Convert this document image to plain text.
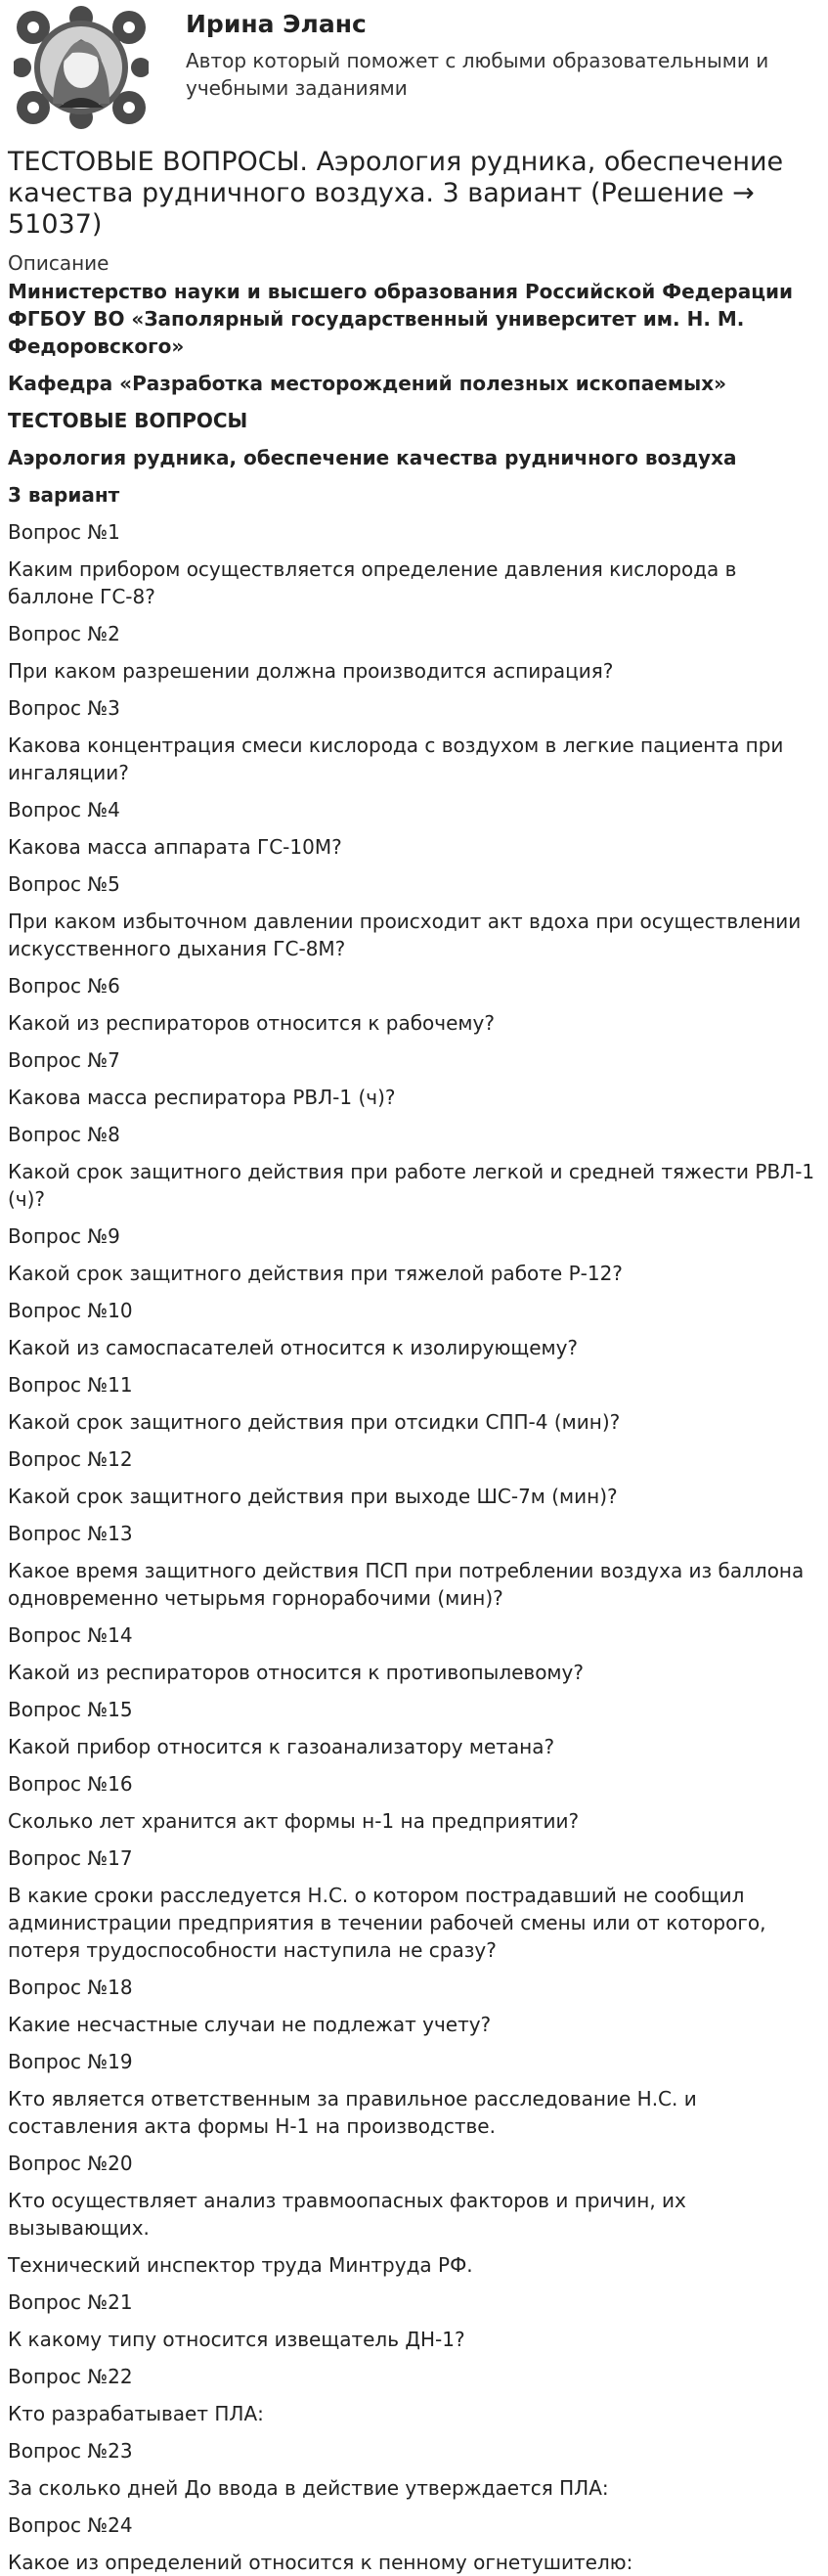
Ирина Эланс
Автор который поможет с любыми образовательными и учебными заданиями
ТЕСТОВЫЕ ВОПРОСЫ. Аэрология рудника, обеспечение качества рудничного воздуха. 3 вариант (Решение → 51037)
Описание
Министерство науки и высшего образования Российской Федерации ФГБОУ ВО «Заполярный государственный университет им. Н. М. Федоровского»
Кафедра «Разработка месторождений полезных ископаемых»
ТЕСТОВЫЕ ВОПРОСЫ
Аэрология рудника, обеспечение качества рудничного воздуха
3 вариант
Вопрос №1
Каким прибором осуществляется определение давления кислорода в баллоне ГС-8?
Вопрос №2
При каком разрешении должна производится аспирация?
Вопрос №3
Какова концентрация смеси кислорода с воздухом в легкие пациента при ингаляции?
Вопрос №4
Какова масса аппарата ГС-10М?
Вопрос №5
При каком избыточном давлении происходит акт вдоха при осуществлении искусственного дыхания ГС-8М?
Вопрос №6
Какой из респираторов относится к рабочему?
Вопрос №7
Какова масса респиратора РВЛ-1 (ч)?
Вопрос №8
Какой срок защитного действия при работе легкой и средней тяжести РВЛ-1 (ч)?
Вопрос №9
Какой срок защитного действия при тяжелой работе Р-12?
Вопрос №10
Какой из самоспасателей относится к изолирующему?
Вопрос №11
Какой срок защитного действия при отсидки СПП-4 (мин)?
Вопрос №12
Какой срок защитного действия при выходе ШС-7м (мин)?
Вопрос №13
Какое время защитного действия ПСП при потреблении воздуха из баллона одновременно четырьмя горнорабочими (мин)?
Вопрос №14
Какой из респираторов относится к противопылевому?
Вопрос №15
Какой прибор относится к газоанализатору метана?
Вопрос №16
Сколько лет хранится акт формы н-1 на предприятии?
Вопрос №17
В какие сроки расследуется Н.С. о котором пострадавший не сообщил администрации предприятия в течении рабочей смены или от которого, потеря трудоспособности наступила не сразу?
Вопрос №18
Какие несчастные случаи не подлежат учету?
Вопрос №19
Кто является ответственным за правильное расследование Н.С. и составления акта формы Н-1 на производстве.
Вопрос №20
Кто осуществляет анализ травмоопасных факторов и причин, их вызывающих.
Технический инспектор труда Минтруда РФ.
Вопрос №21
К какому типу относится извещатель ДН-1?
Вопрос №22
Кто разрабатывает ПЛА:
Вопрос №23
За сколько дней До ввода в действие утверждается ПЛА:
Вопрос №24
Какое из определений относится к пенному огнетушителю:
